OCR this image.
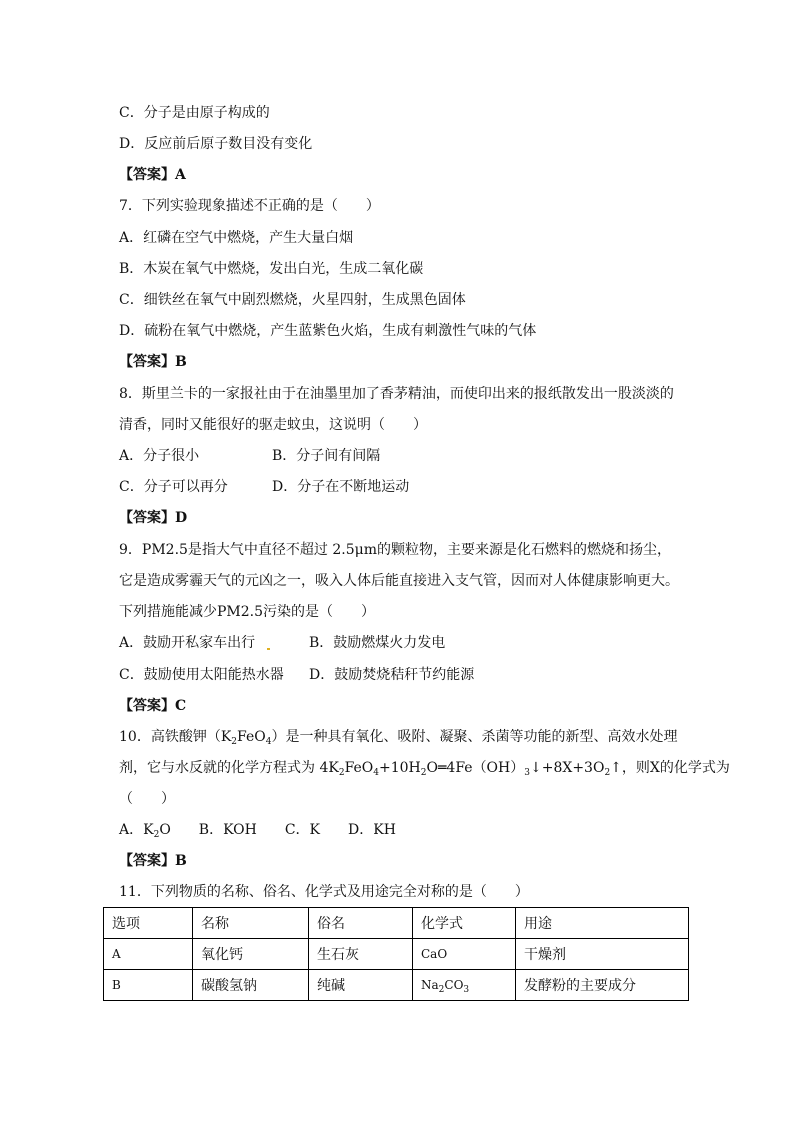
C．分子是由原子构成的
D．反应前后原子数目没有变化
【答案】A
7．下列实验现象描述不正确的是（　　）
A．红磷在空气中燃烧，产生大量白烟
B．木炭在氧气中燃烧，发出白光，生成二氧化碳
C．细铁丝在氧气中剧烈燃烧，火星四射，生成黑色固体
D．硫粉在氧气中燃烧，产生蓝紫色火焰，生成有刺激性气味的气体
【答案】B
8．斯里兰卡的一家报社由于在油墨里加了香茅精油，而使印出来的报纸散发出一股淡淡的
清香，同时又能很好的驱走蚊虫，这说明（　　）
A．分子很小	B．分子间有间隔
C．分子可以再分	D．分子在不断地运动
【答案】D
9．PM2.5是指大气中直径不超过 2.5μm的颗粒物，主要来源是化石燃料的燃烧和扬尘，
它是造成雾霾天气的元凶之一，吸入人体后能直接进入支气管，因而对人体健康影响更大。
下列措施能减少PM2.5污染的是（　　）
A．鼓励开私家车出行	B．鼓励燃煤火力发电
C．鼓励使用太阳能热水器 D．鼓励焚烧秸秆节约能源
【答案】C
10．高铁酸钾$(K_2FeO_4)$是一种具有氧化、吸附、凝聚、杀菌等功能的新型、高效水处理
剂，它与水反就的化学方程式为 $4K_2FeO_4+10H_2O═4Fe(OH)_3↓+8X+3O_2↑$，则X的化学式为
（　　）
A．$K_2O$　　B．KOH　　C．K　　D．KH
【答案】B
11．下列物质的名称、俗名、化学式及用途完全对称的是（　　）
选项	名称	俗名	化学式	用途
A	氧化钙	生石灰	CaO	干燥剂
B	碳酸氢钠	纯碱	$Na_2CO_3$	发酵粉的主要成分
